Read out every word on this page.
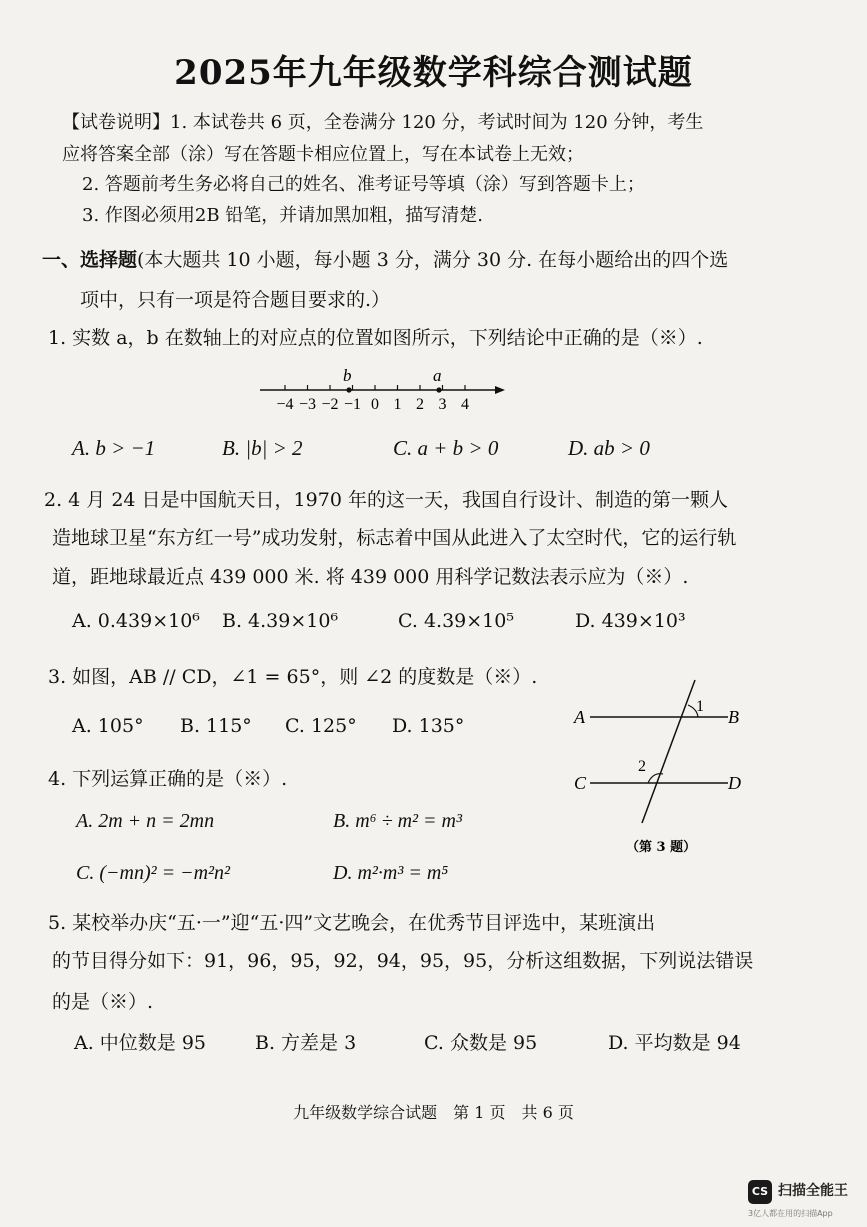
2025年九年级数学科综合测试题
【试卷说明】1. 本试卷共 6 页，全卷满分 120 分，考试时间为 120 分钟，考生
应将答案全部（涂）写在答题卡相应位置上，写在本试卷上无效；
2. 答题前考生务必将自己的姓名、准考证号等填（涂）写到答题卡上；
3. 作图必须用2B 铅笔，并请加黑加粗，描写清楚.
一、选择题(本大题共 10 小题，每小题 3 分，满分 30 分. 在每小题给出的四个选
项中，只有一项是符合题目要求的.）
1. 实数 a，b 在数轴上的对应点的位置如图所示，下列结论中正确的是（※）.
−4 −3 −2 −1 0 1 2 3 4
b	a
A. b > −1	B. |b| > 2	C. a + b > 0	D. ab > 0
2. 4 月 24 日是中国航天日，1970 年的这一天，我国自行设计、制造的第一颗人
造地球卫星“东方红一号”成功发射，标志着中国从此进入了太空时代，它的运行轨
道，距地球最近点 439 000 米. 将 439 000 用科学记数法表示应为（※）.
A. 0.439×10⁶ B. 4.39×10⁶	C. 4.39×10⁵	D. 439×10³
3. 如图，AB // CD，∠1 = 65°，则 ∠2 的度数是（※）.
A. 105° B. 115° C. 125° D. 135°	A	B
C	D
1
2
（第 3 题）
4. 下列运算正确的是（※）.
A. 2m + n = 2mn	B. m⁶ ÷ m² = m³
C. (−mn)² = −m²n²	D. m²·m³ = m⁵
5. 某校举办庆“五·一”迎“五·四”文艺晚会，在优秀节目评选中，某班演出
的节目得分如下：91，96，95，92，94，95，95，分析这组数据，下列说法错误
的是（※）.
A. 中位数是 95	B. 方差是 3	C. 众数是 95	D. 平均数是 94
九年级数学综合试题　第 1 页　共 6 页
CS 扫描全能王
3亿人都在用的扫描App
